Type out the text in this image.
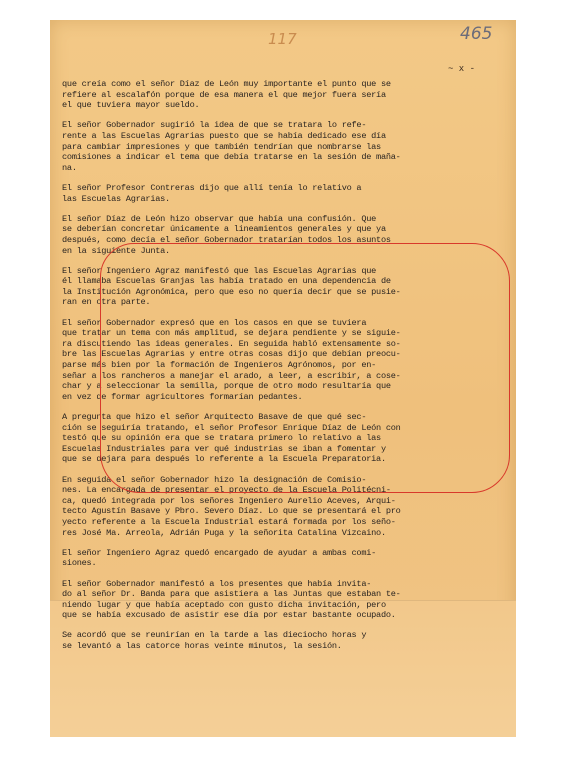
117	465
~ x -

que creía como el señor Díaz de León muy importante el punto que se
refiere al escalafón porque de esa manera el que mejor fuera sería
el que tuviera mayor sueldo.

El señor Gobernador sugirió la idea de que se tratara lo refe-
rente a las Escuelas Agrarias puesto que se había dedicado ese día
para cambiar impresiones y que también tendrían que nombrarse las
comisiones a indicar el tema que debía tratarse en la sesión de maña-
na.

El señor Profesor Contreras dijo que allí tenía lo relativo a
las Escuelas Agrarias.

El señor Díaz de León hizo observar que había una confusión. Que
se deberían concretar únicamente a lineamientos generales y que ya
después, como decía el señor Gobernador tratarían todos los asuntos
en la siguiente Junta.

El señor Ingeniero Agraz manifestó que las Escuelas Agrarias que
él llamaba Escuelas Granjas las había tratado en una dependencia de
la Institución Agronómica, pero que eso no quería decir que se pusie-
ran en otra parte.

El señor Gobernador expresó que en los casos en que se tuviera
que tratar un tema con más amplitud, se dejara pendiente y se siguie-
ra discutiendo las ideas generales. En seguida habló extensamente so-
bre las Escuelas Agrarias y entre otras cosas dijo que debían preocu-
parse más bien por la formación de Ingenieros Agrónomos, por en-
señar a los rancheros a manejar el arado, a leer, a escribir, a cose-
char y a seleccionar la semilla, porque de otro modo resultaría que
en vez de formar agricultores formarían pedantes.

A pregunta que hizo el señor Arquitecto Basave de que qué sec-
ción se seguiría tratando, el señor Profesor Enrique Díaz de León con
testó que su opinión era que se tratara primero lo relativo a las
Escuelas Industriales para ver qué industrias se iban a fomentar y
que se dejara para después lo referente a la Escuela Preparatoria.

En seguida el señor Gobernador hizo la designación de Comisio-
nes. La encargada de presentar el proyecto de la Escuela Politécni-
ca, quedó integrada por los señores Ingeniero Aurelio Aceves, Arqui-
tecto Agustín Basave y Pbro. Severo Díaz. Lo que se presentará el pro
yecto referente a la Escuela Industrial estará formada por los seño-
res José Ma. Arreola, Adrián Puga y la señorita Catalina Vizcaino.

El señor Ingeniero Agraz quedó encargado de ayudar a ambas comi-
siones.

El señor Gobernador manifestó a los presentes que había invita-
do al señor Dr. Banda para que asistiera a las Juntas que estaban te-
niendo lugar y que había aceptado con gusto dicha invitación, pero
que se había excusado de asistir ese día por estar bastante ocupado.

Se acordó que se reunirían en la tarde a las dieciocho horas y
se levantó a las catorce horas veinte minutos, la sesión.
